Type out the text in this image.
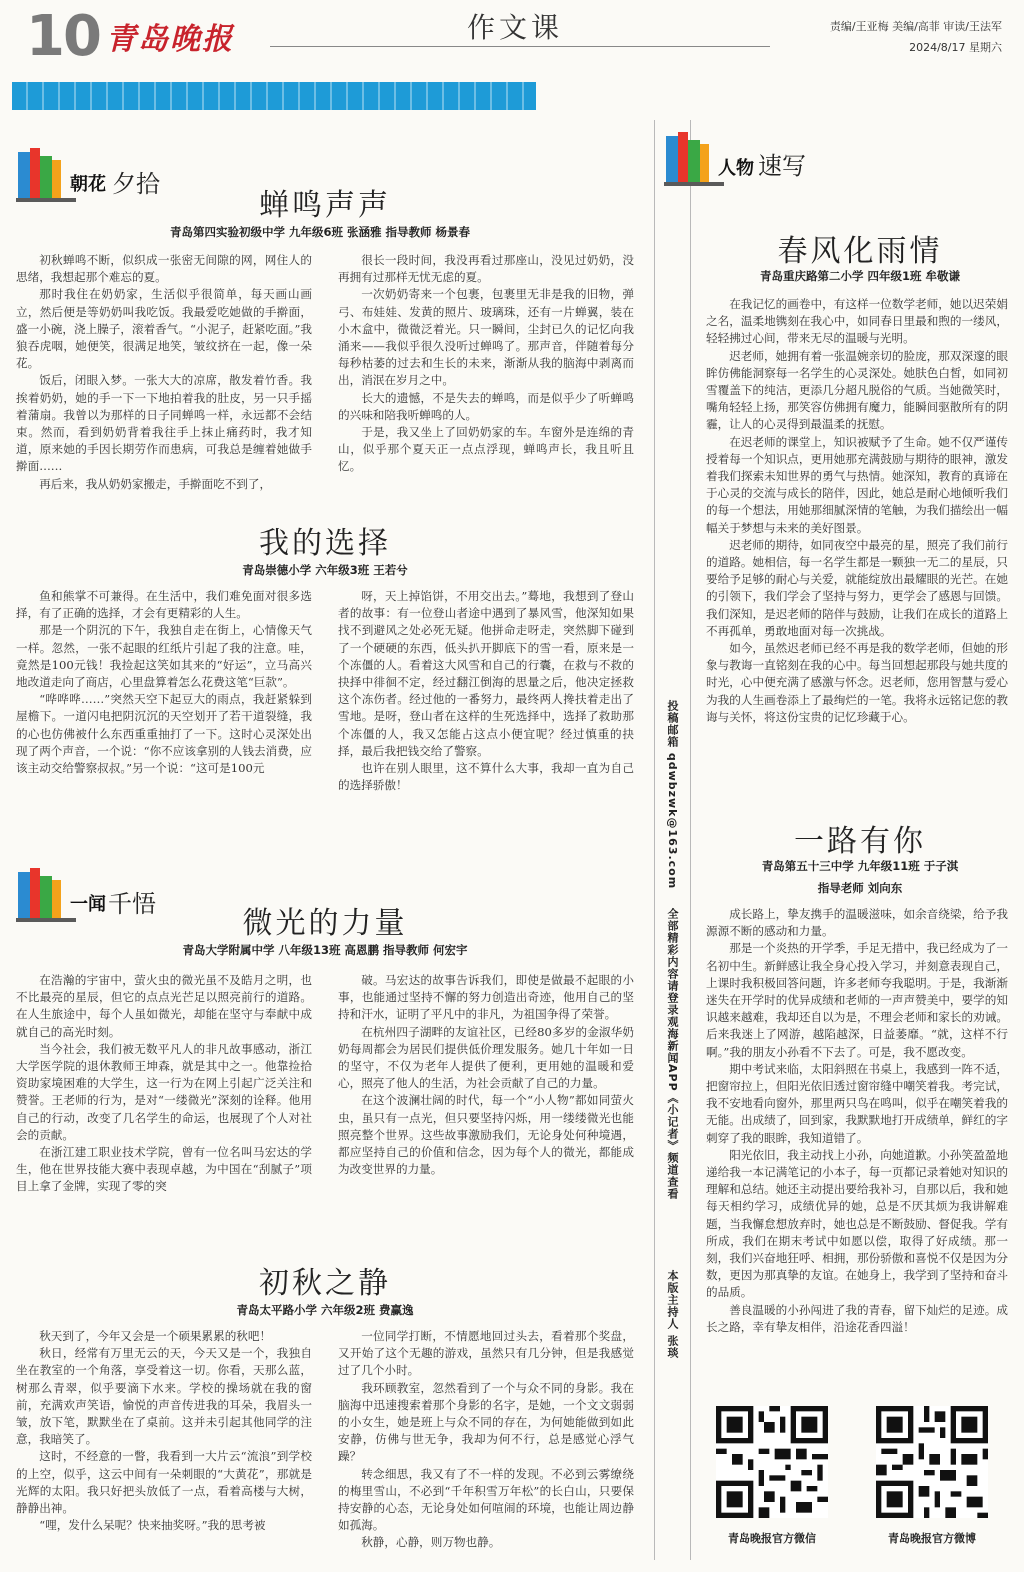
10 青岛晚报	作文课	责编/王亚梅 美编/高菲 审读/王法军
2024/8/17 星期六
朝花 夕拾
蝉鸣声声
青岛第四实验初级中学 九年级6班 张涵雅 指导教师 杨景春

初秋蝉鸣不断，似织成一张密无间隙的网，网住人的思绪，我想起那个难忘的夏。

那时我住在奶奶家，生活似乎很简单，每天画山画立，然后便是等奶奶叫我吃饭。我最爱吃她做的手擀面，盛一小碗，浇上臊子，滚着香气。“小泥子，赶紧吃面。”我狼吞虎咽，她便笑，很满足地笑，皱纹挤在一起，像一朵花。

饭后，闭眼入梦。一张大大的凉席，散发着竹香。我挨着奶奶，她的手一下一下地拍着我的肚皮，另一只手摇着蒲扇。我曾以为那样的日子同蝉鸣一样，永远都不会结束。然而，看到奶奶背着我往手上抹止痛药时，我才知道，原来她的手因长期劳作而患病，可我总是缠着她做手擀面……

再后来，我从奶奶家搬走，手擀面吃不到了，

很长一段时间，我没再看过那座山，没见过奶奶，没再拥有过那样无忧无虑的夏。

一次奶奶寄来一个包裹，包裹里无非是我的旧物，弹弓、布娃娃、发黄的照片、玻璃珠，还有一片蝉翼，装在小木盒中，微微泛着光。只一瞬间，尘封已久的记忆向我涌来——我似乎很久没听过蝉鸣了。那声音，伴随着每分每秒枯萎的过去和生长的未来，渐渐从我的脑海中剥离而出，消泯在岁月之中。

长大的遗憾，不是失去的蝉鸣，而是似乎少了听蝉鸣的兴味和陪我听蝉鸣的人。

于是，我又坐上了回奶奶家的车。车窗外是连绵的青山，似乎那个夏天正一点点浮现，蝉鸣声长，我且听且忆。

我的选择
青岛崇德小学 六年级3班 王若兮

鱼和熊掌不可兼得。在生活中，我们难免面对很多选择，有了正确的选择，才会有更精彩的人生。

那是一个阴沉的下午，我独自走在街上，心情像天气一样。忽然，一张不起眼的红纸片引起了我的注意。哇，竟然是100元钱！我捡起这笑如其来的“好运”，立马高兴地改道走向了商店，心里盘算着怎么花费这笔“巨款”。

“哗哗哗……”突然天空下起豆大的雨点，我赶紧躲到屋檐下。一道闪电把阴沉沉的天空划开了若干道裂缝，我的心也仿佛被什么东西重重抽打了一下。这时心灵深处出现了两个声音，一个说：“你不应该拿别的人钱去消费，应该主动交给警察叔叔。”另一个说：“这可是100元

呀，天上掉馅饼，不用交出去。”蓦地，我想到了登山者的故事：有一位登山者途中遇到了暴风雪，他深知如果找不到避风之处必死无疑。他拼命走呀走，突然脚下碰到了一个硬硬的东西，低头扒开脚底下的雪一看，原来是一个冻僵的人。看着这大风雪和自己的行囊，在救与不救的抉择中徘徊不定，经过翻江倒海的思量之后，他决定拯救这个冻伤者。经过他的一番努力，最终两人搀扶着走出了雪地。是呀，登山者在这样的生死选择中，选择了救助那个冻僵的人，我又怎能占这点小便宜呢？经过慎重的抉择，最后我把钱交给了警察。

也许在别人眼里，这不算什么大事，我却一直为自己的选择骄傲！

一闻 千悟
微光的力量
青岛大学附属中学 八年级13班 高恩鹏 指导教师 何宏宇

在浩瀚的宇宙中，萤火虫的微光虽不及皓月之明，也不比最亮的星辰，但它的点点光芒足以照亮前行的道路。在人生旅途中，每个人虽如微光，却能在坚守与奉献中成就自己的高光时刻。

当今社会，我们被无数平凡人的非凡故事感动，浙江大学医学院的退休教师王坤森，就是其中之一。他靠捡拾资助家境困难的大学生，这一行为在网上引起广泛关注和赞誉。王老师的行为，是对“一缕微光”深刻的诠释。他用自己的行动，改变了几名学生的命运，也展现了个人对社会的贡献。

在浙江建工职业技术学院，曾有一位名叫马宏达的学生，他在世界技能大赛中表现卓越，为中国在“刮腻子”项目上拿了金牌，实现了零的突

破。马宏达的故事告诉我们，即使是做最不起眼的小事，也能通过坚持不懈的努力创造出奇迹，他用自己的坚持和汗水，证明了平凡中的非凡，为祖国争得了荣誉。

在杭州四子湖畔的友谊社区，已经80多岁的金淑华奶奶每周都会为居民们提供低价理发服务。她几十年如一日的坚守，不仅为老年人提供了便利，更用她的温暖和爱心，照亮了他人的生活，为社会贡献了自己的力量。

在这个波澜壮阔的时代，每一个“小人物”都如同萤火虫，虽只有一点光，但只要坚持闪烁，用一缕缕微光也能照亮整个世界。这些故事激励我们，无论身处何种境遇，都应坚持自己的价值和信念，因为每个人的微光，都能成为改变世界的力量。

初秋之静
青岛太平路小学 六年级2班 费赢逸

秋天到了，今年又会是一个硕果累累的秋吧！

秋日，经常有万里无云的天，今天又是一个，我独自坐在教室的一个角落，享受着这一切。你看，天那么蓝，树那么青翠，似乎要滴下水来。学校的操场就在我的窗前，充满欢声笑语，愉悦的声音传进我的耳朵，我眉头一皱，放下笔，默默坐在了桌前。这并未引起其他同学的注意，我暗笑了。

这时，不经意的一瞥，我看到一大片云“流浪”到学校的上空，似乎，这云中间有一朵刺眼的“大黄花”，那就是光辉的太阳。我只好把头放低了一点，看着高楼与大树，静静出神。

“哩，发什么呆呢？快来抽奖呀。”我的思考被

一位同学打断，不情愿地回过头去，看着那个奖盘，又开始了这个无趣的游戏，虽然只有几分钟，但是我感觉过了几个小时。

我环顾教室，忽然看到了一个与众不同的身影。我在脑海中迅速搜索着那个身影的名字，是她，一个文文弱弱的小女生，她是班上与众不同的存在，为何她能做到如此安静，仿佛与世无争，我却为何不行，总是感觉心浮气躁？

转念细思，我又有了不一样的发现。不必到云雾缭绕的梅里雪山，不必到“千年积雪万年松”的长白山，只要保持安静的心态，无论身处如何喧闹的环境，也能让周边静如孤海。

秋静，心静，则万物也静。

投稿邮箱 qdwbzwk@163.com
全部精彩内容请登录观海新闻APP《小记者》频道查看
本版主持人 张琰
人物 速写
春风化雨情
青岛重庆路第二小学 四年级1班 牟敬谦

在我记忆的画卷中，有这样一位数学老师，她以迟荣娟之名，温柔地镌刻在我心中，如同春日里最和煦的一缕风，轻轻拂过心间，带来无尽的温暖与光明。

迟老师，她拥有着一张温婉亲切的脸庞，那双深邃的眼眸仿佛能洞察每一名学生的心灵深处。她肤色白皙，如同初雪覆盖下的纯洁，更添几分超凡脱俗的气质。当她微笑时，嘴角轻轻上扬，那笑容仿佛拥有魔力，能瞬间驱散所有的阴霾，让人的心灵得到最温柔的抚慰。

在迟老师的课堂上，知识被赋予了生命。她不仅严谨传授着每一个知识点，更用她那充满鼓励与期待的眼神，激发着我们探索未知世界的勇气与热情。她深知，教育的真谛在于心灵的交流与成长的陪伴，因此，她总是耐心地倾听我们的每一个想法，用她那细腻深情的笔触，为我们描绘出一幅幅关于梦想与未来的美好图景。

迟老师的期待，如同夜空中最亮的星，照亮了我们前行的道路。她相信，每一名学生都是一颗独一无二的星辰，只要给予足够的耐心与关爱，就能绽放出最耀眼的光芒。在她的引领下，我们学会了坚持与努力，更学会了感恩与回馈。我们深知，是迟老师的陪伴与鼓励，让我们在成长的道路上不再孤单，勇敢地面对每一次挑战。

如今，虽然迟老师已经不再是我的数学老师，但她的形象与教诲一直铭刻在我的心中。每当回想起那段与她共度的时光，心中便充满了感激与怀念。迟老师，您用智慧与爱心为我的人生画卷添上了最绚烂的一笔。我将永远铭记您的教诲与关怀，将这份宝贵的记忆珍藏于心。

一路有你
青岛第五十三中学 九年级11班 于子淇
指导老师 刘向东

成长路上，挚友携手的温暖滋味，如余音绕梁，给予我源源不断的感动和力量。

那是一个炎热的开学季，手足无措中，我已经成为了一名初中生。新鲜感让我全身心投入学习，并刻意表现自己，上课时我积极回答问题，许多老师夸我聪明。于是，我渐渐迷失在开学时的优异成绩和老师的一声声赞美中，要学的知识越来越难，我却还自以为是，不理会老师和家长的劝诫。后来我迷上了网游，越陷越深，日益萎靡。“就，这样不行啊。”我的朋友小孙看不下去了。可是，我不愿改变。

期中考试来临，太阳斜照在书桌上，我感到一阵不适，把窗帘拉上，但阳光依旧透过窗帘缝中嘲笑着我。考完试，我不安地看向窗外，那里两只鸟在鸣叫，似乎在嘲笑着我的无能。出成绩了，回到家，我默默地打开成绩单，鲜红的字刺穿了我的眼眸，我知道错了。

阳光依旧，我主动找上小孙，向她道歉。小孙笑盈盈地递给我一本记满笔记的小本子，每一页都记录着她对知识的理解和总结。她还主动提出要给我补习，自那以后，我和她每天相约学习，成绩优异的她，总是不厌其烦为我讲解难题，当我懈怠想放弃时，她也总是不断鼓励、督促我。学有所成，我们在期末考试中如愿以偿，取得了好成绩。那一刻，我们兴奋地狂呼、相拥，那份骄傲和喜悦不仅是因为分数，更因为那真挚的友谊。在她身上，我学到了坚持和奋斗的品质。

善良温暖的小孙闯进了我的青春，留下灿烂的足迹。成长之路，幸有挚友相伴，沿途花香四溢！

青岛晚报官方微信	青岛晚报官方微博
